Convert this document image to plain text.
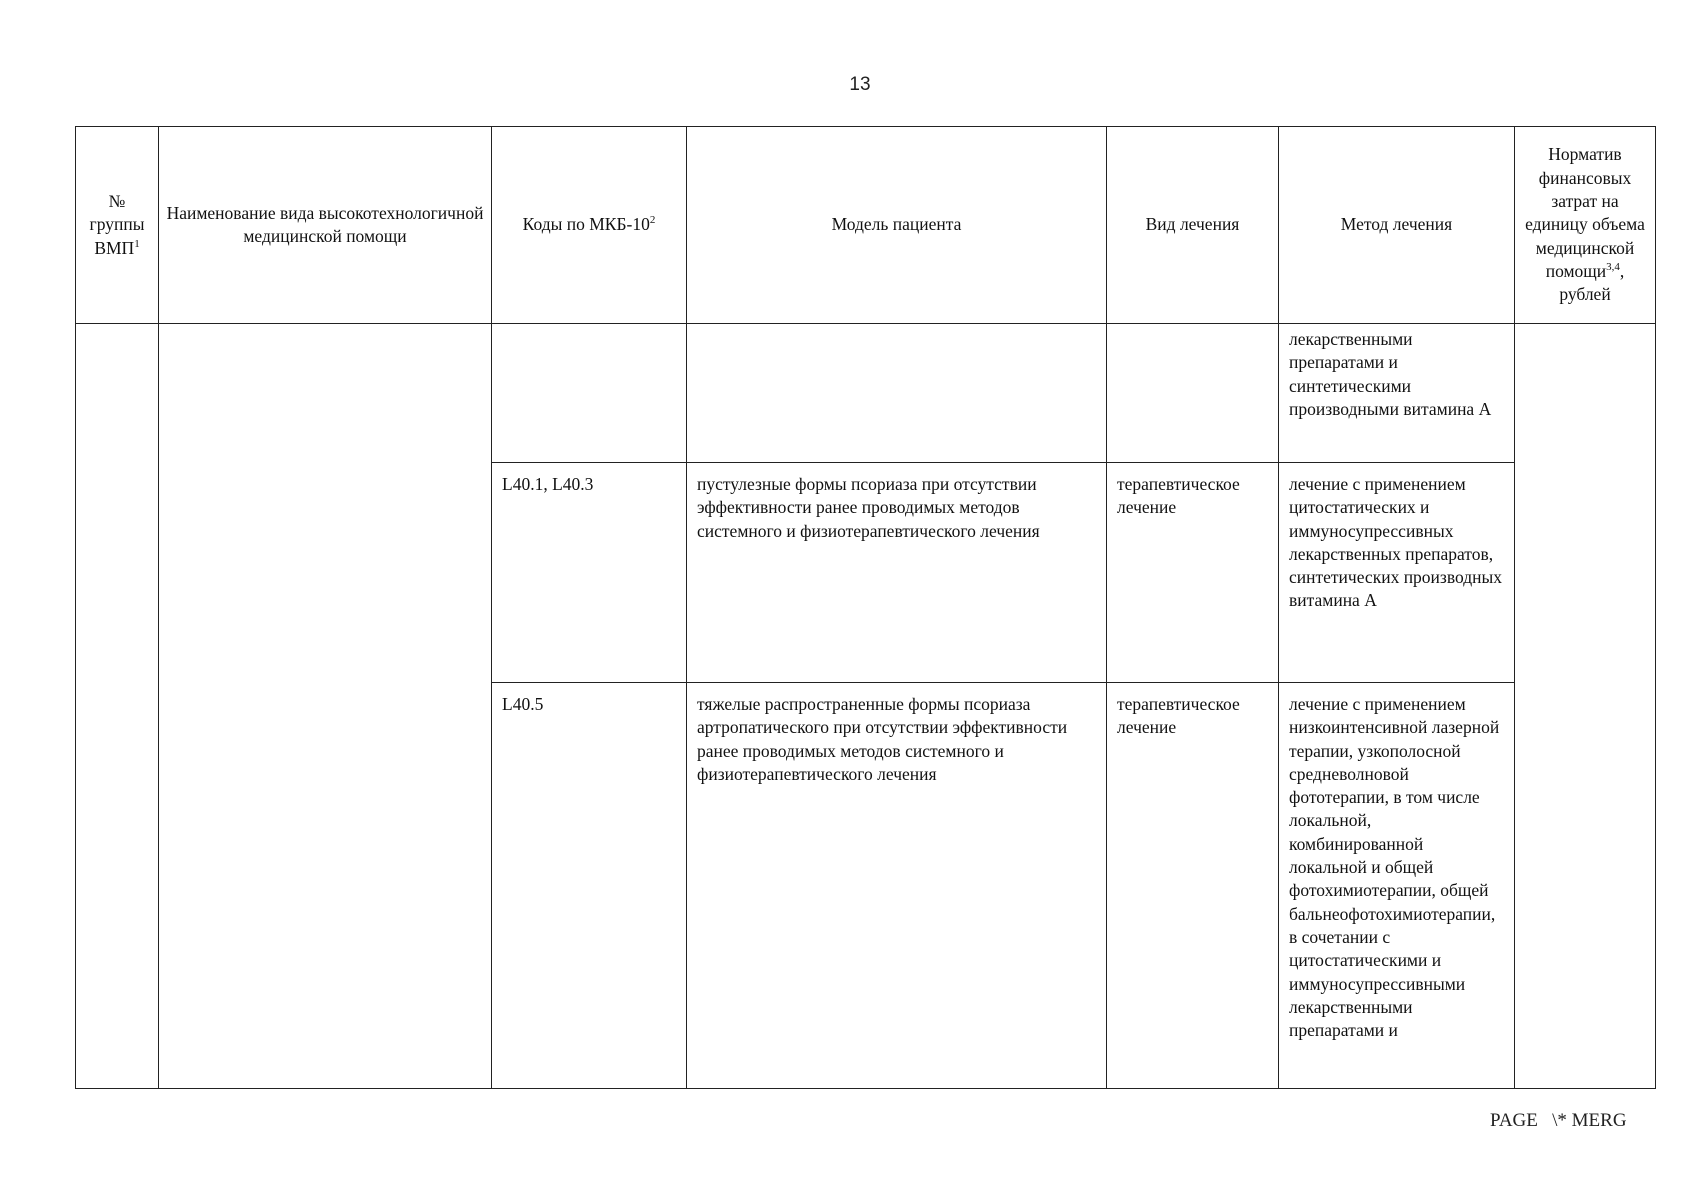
13
№ группы ВМП$^1$	Наименование вида высокотехнологичной медицинской помощи	Коды по МКБ-$10^2$	Модель пациента	Вид лечения	Метод лечения	Норматив финансовых затрат на единицу объема медицинской помощи$^{3,4}$, рублей
					лекарственными препаратами и синтетическими производными витамина А	
		L40.1, L40.3	пустулезные формы псориаза при отсутствии эффективности ранее проводимых методов системного и физиотерапевтического лечения	терапевтическое лечение	лечение с применением цитостатических и иммуносупрессивных лекарственных препаратов, синтетических производных витамина А	
		L40.5	тяжелые распространенные формы псориаза артропатического при отсутствии эффективности ранее проводимых методов системного и физиотерапевтического лечения	терапевтическое лечение	лечение с применением низкоинтенсивной лазерной терапии, узкополосной средневолновой фототерапии, в том числе локальной, комбинированной локальной и общей фотохимиотерапии, общей бальнеофотохимиотерапии, в сочетании с цитостатическими и иммуносупрессивными лекарственными препаратами и	
PAGE   \* MERG
